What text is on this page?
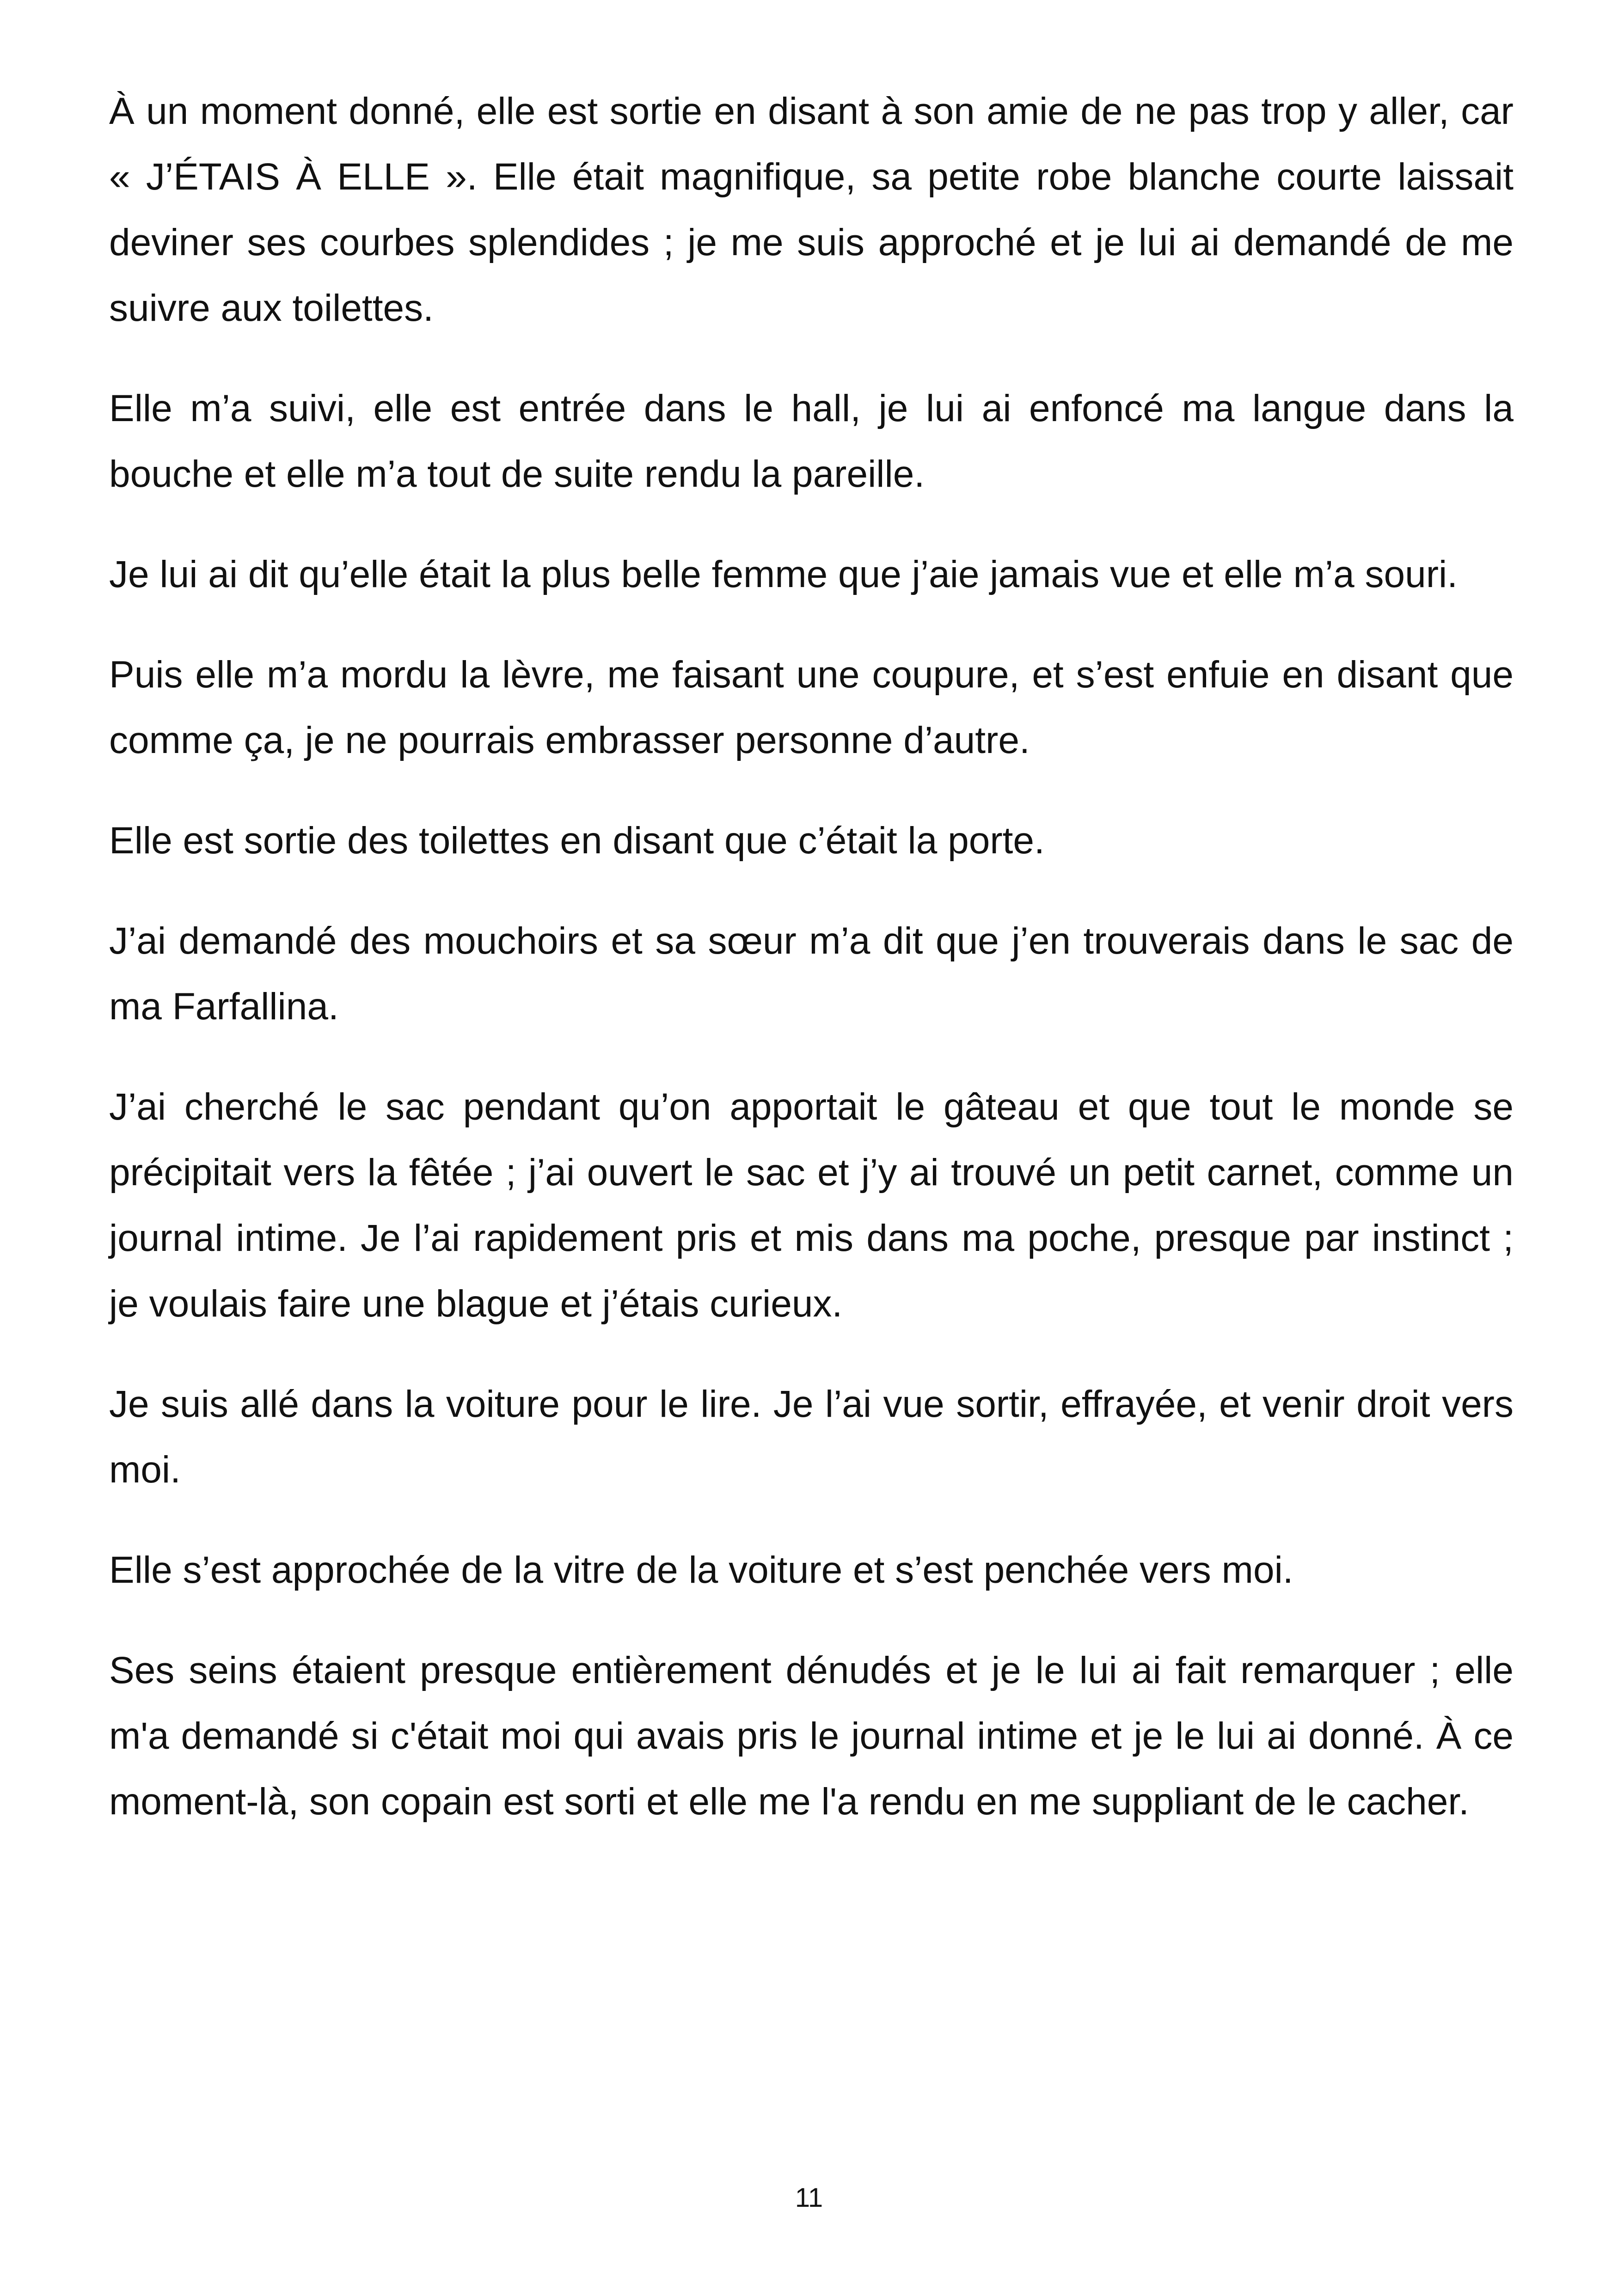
À un moment donné, elle est sortie en disant à son amie de ne pas trop y aller, car « J’ÉTAIS À ELLE ». Elle était magnifique, sa petite robe blanche courte laissait deviner ses courbes splendides ; je me suis approché et je lui ai demandé de me suivre aux toilettes.

Elle m’a suivi, elle est entrée dans le hall, je lui ai enfoncé ma langue dans la bouche et elle m’a tout de suite rendu la pareille.

Je lui ai dit qu’elle était la plus belle femme que j’aie jamais vue et elle m’a souri.

Puis elle m’a mordu la lèvre, me faisant une coupure, et s’est enfuie en disant que comme ça, je ne pourrais embrasser personne d’autre.

Elle est sortie des toilettes en disant que c’était la porte.

J’ai demandé des mouchoirs et sa sœur m’a dit que j’en trouverais dans le sac de ma Farfallina.

J’ai cherché le sac pendant qu’on apportait le gâteau et que tout le monde se précipitait vers la fêtée ; j’ai ouvert le sac et j’y ai trouvé un petit carnet, comme un journal intime. Je l’ai rapidement pris et mis dans ma poche, presque par instinct ; je voulais faire une blague et j’étais curieux.

Je suis allé dans la voiture pour le lire. Je l’ai vue sortir, effrayée, et venir droit vers moi.

Elle s’est approchée de la vitre de la voiture et s’est penchée vers moi.

Ses seins étaient presque entièrement dénudés et je le lui ai fait remarquer ; elle m'a demandé si c'était moi qui avais pris le journal intime et je le lui ai donné. À ce moment-là, son copain est sorti et elle me l'a rendu en me suppliant de le cacher.

11
